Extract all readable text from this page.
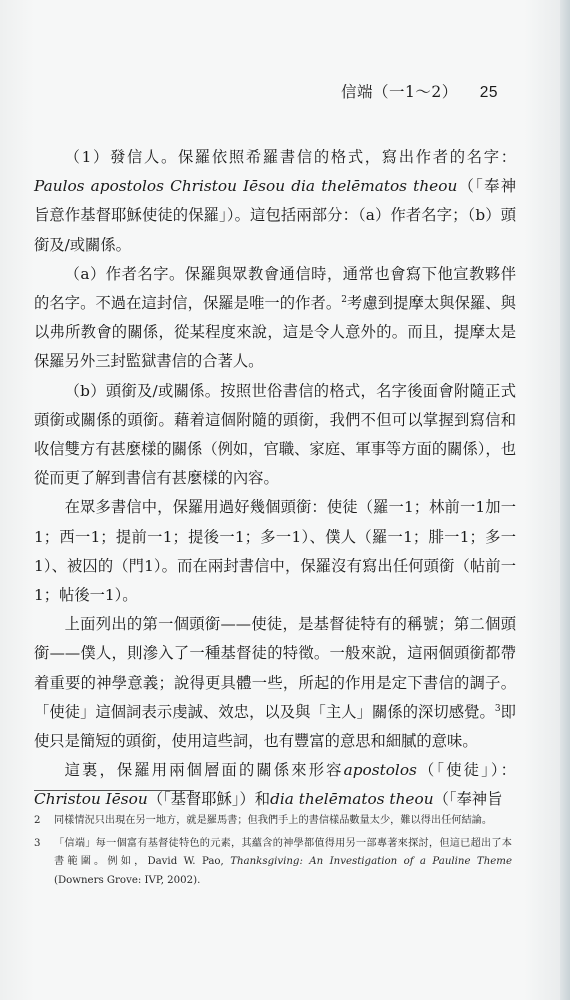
信端（一1～2） 25

（1）發信人。保羅依照希羅書信的格式，寫出作者的名字：Paulos apostolos Christou Iēsou dia thelēmatos theou（「奉神旨意作基督耶穌使徒的保羅」）。這包括兩部分：（a）作者名字；（b）頭銜及/或關係。

（a）作者名字。保羅與眾教會通信時，通常也會寫下他宣教夥伴的名字。不過在這封信，保羅是唯一的作者。$^2$考慮到提摩太與保羅、與以弗所教會的關係，從某程度來說，這是令人意外的。而且，提摩太是保羅另外三封監獄書信的合著人。

（b）頭銜及/或關係。按照世俗書信的格式，名字後面會附隨正式頭銜或關係的頭銜。藉着這個附隨的頭銜，我們不但可以掌握到寫信和收信雙方有甚麼樣的關係（例如，官職、家庭、軍事等方面的關係），也從而更了解到書信有甚麼樣的內容。

在眾多書信中，保羅用過好幾個頭銜：使徒（羅一1；林前一1加一1；西一1；提前一1；提後一1；多一1）、僕人（羅一1；腓一1；多一1）、被囚的（門1）。而在兩封書信中，保羅沒有寫出任何頭銜（帖前一1；帖後一1）。

上面列出的第一個頭銜——使徒，是基督徒特有的稱號；第二個頭銜——僕人，則滲入了一種基督徒的特徵。一般來說，這兩個頭銜都帶着重要的神學意義；說得更具體一些，所起的作用是定下書信的調子。「使徒」這個詞表示虔誠、效忠，以及與「主人」關係的深切感覺。$^3$即使只是簡短的頭銜，使用這些詞，也有豐富的意思和細膩的意味。

這裏，保羅用兩個層面的關係來形容apostolos（「使徒」）：Christou Iēsou（「基督耶穌」）和dia thelēmatos theou（「奉神旨

2 同樣情況只出現在另一地方，就是羅馬書；但我們手上的書信樣品數量太少，難以得出任何結論。
3 「信端」每一個富有基督徒特色的元素，其蘊含的神學都值得用另一部專著來探討，但這已超出了本書範圍。例如，David W. Pao, Thanksgiving: An Investigation of a Pauline Theme (Downers Grove: IVP, 2002).
